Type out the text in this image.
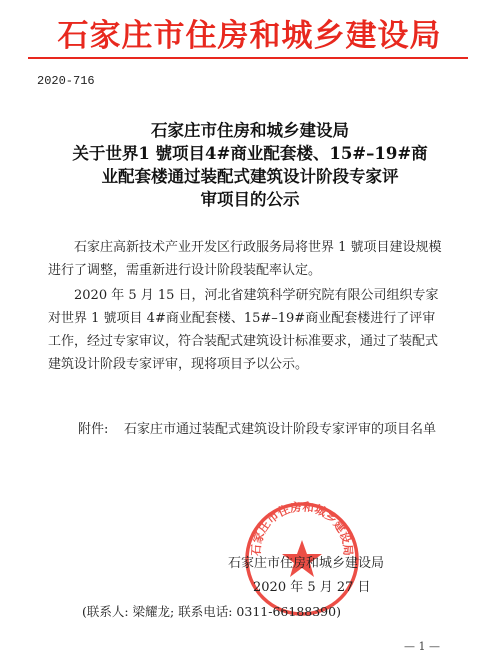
石家庄市住房和城乡建设局
2020-716
石家庄市住房和城乡建设局
关于世界1 號项目4#商业配套楼、15#–19#商
业配套楼通过装配式建筑设计阶段专家评
审项目的公示

石家庄高新技术产业开发区行政服务局将世界 1 號项目建设规模进行了调整，需重新进行设计阶段装配率认定。

2020 年 5 月 15 日，河北省建筑科学研究院有限公司组织专家对世界 1 號项目 4#商业配套楼、15#–19#商业配套楼进行了评审工作，经过专家审议，符合装配式建筑设计标准要求，通过了装配式建筑设计阶段专家评审，现将项目予以公示。

附件: 石家庄市通过装配式建筑设计阶段专家评审的项目名单
石家庄市住房和城乡建设局
石家庄市住房和城乡建设局
2020 年 5 月 27 日
(联系人: 梁耀龙; 联系电话: 0311-66188390)
— 1 —
